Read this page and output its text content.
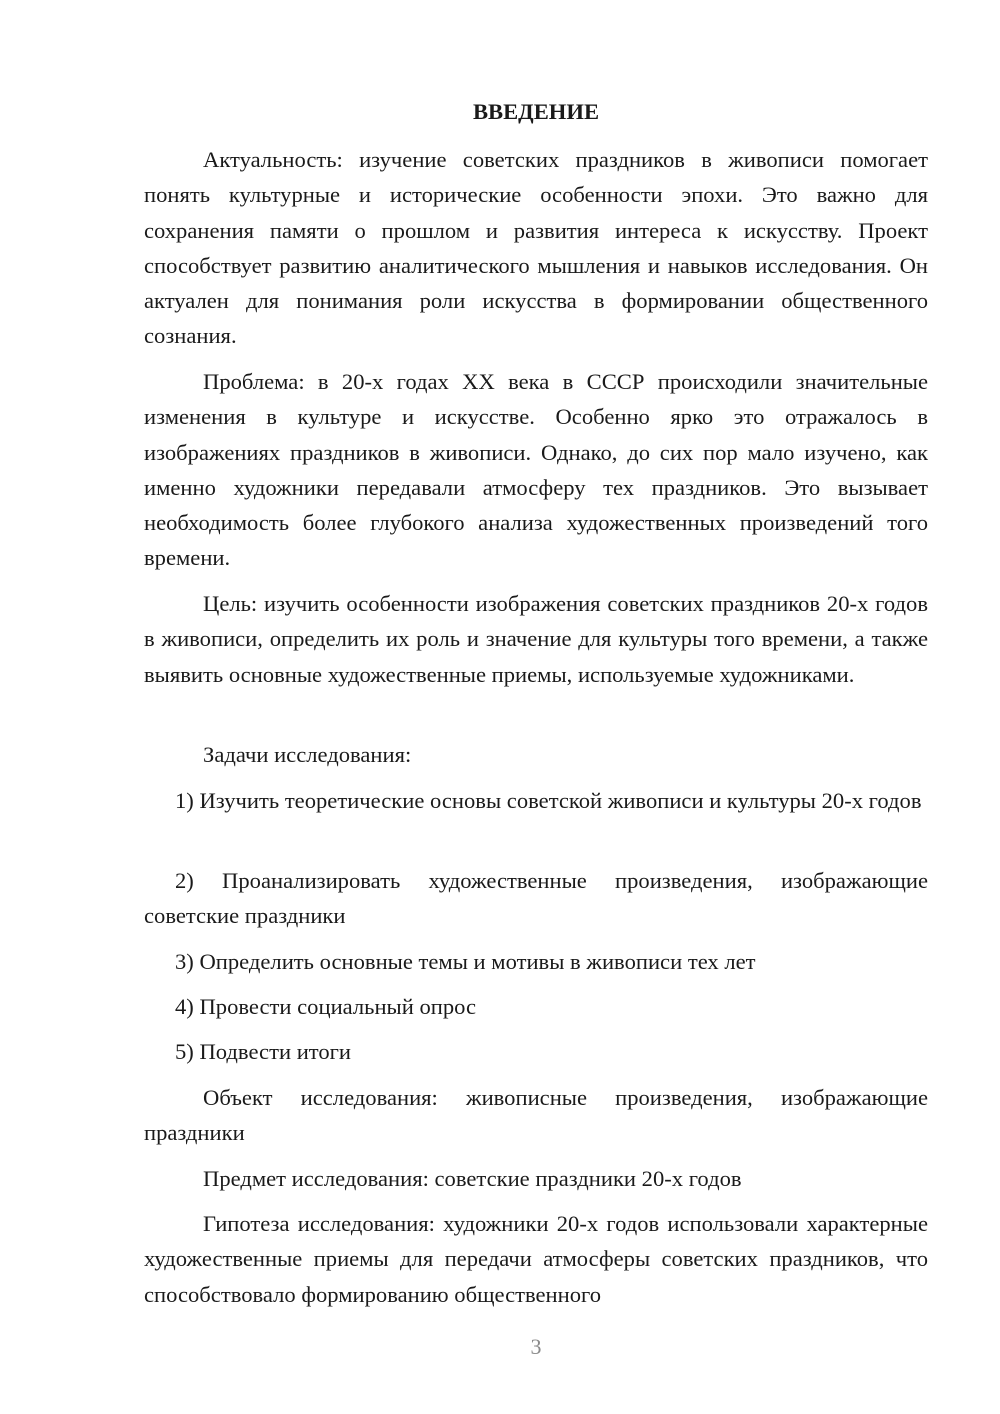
ВВЕДЕНИЕ

Актуальность: изучение советских праздников в живописи помогает понять культурные и исторические особенности эпохи. Это важно для сохранения памяти о прошлом и развития интереса к искусству. Проект способствует развитию аналитического мышления и навыков исследования. Он актуален для понимания роли искусства в формировании общественного сознания.

Проблема: в 20-х годах XX века в СССР происходили значительные изменения в культуре и искусстве. Особенно ярко это отражалось в изображениях праздников в живописи. Однако, до сих пор мало изучено, как именно художники передавали атмосферу тех праздников. Это вызывает необходимость более глубокого анализа художественных произведений того времени.

Цель: изучить особенности изображения советских праздников 20-х годов в живописи, определить их роль и значение для культуры того времени, а также выявить основные художественные приемы, используемые художниками.

Задачи исследования:

1) Изучить теоретические основы советской живописи и культуры 20-х годов

2) Проанализировать художественные произведения, изображающие советские праздники

3) Определить основные темы и мотивы в живописи тех лет

4) Провести социальный опрос

5) Подвести итоги

Объект исследования: живописные произведения, изображающие праздники

Предмет исследования: советские праздники 20-х годов

Гипотеза исследования: художники 20-х годов использовали характерные художественные приемы для передачи атмосферы советских праздников, что способствовало формированию общественного

3
